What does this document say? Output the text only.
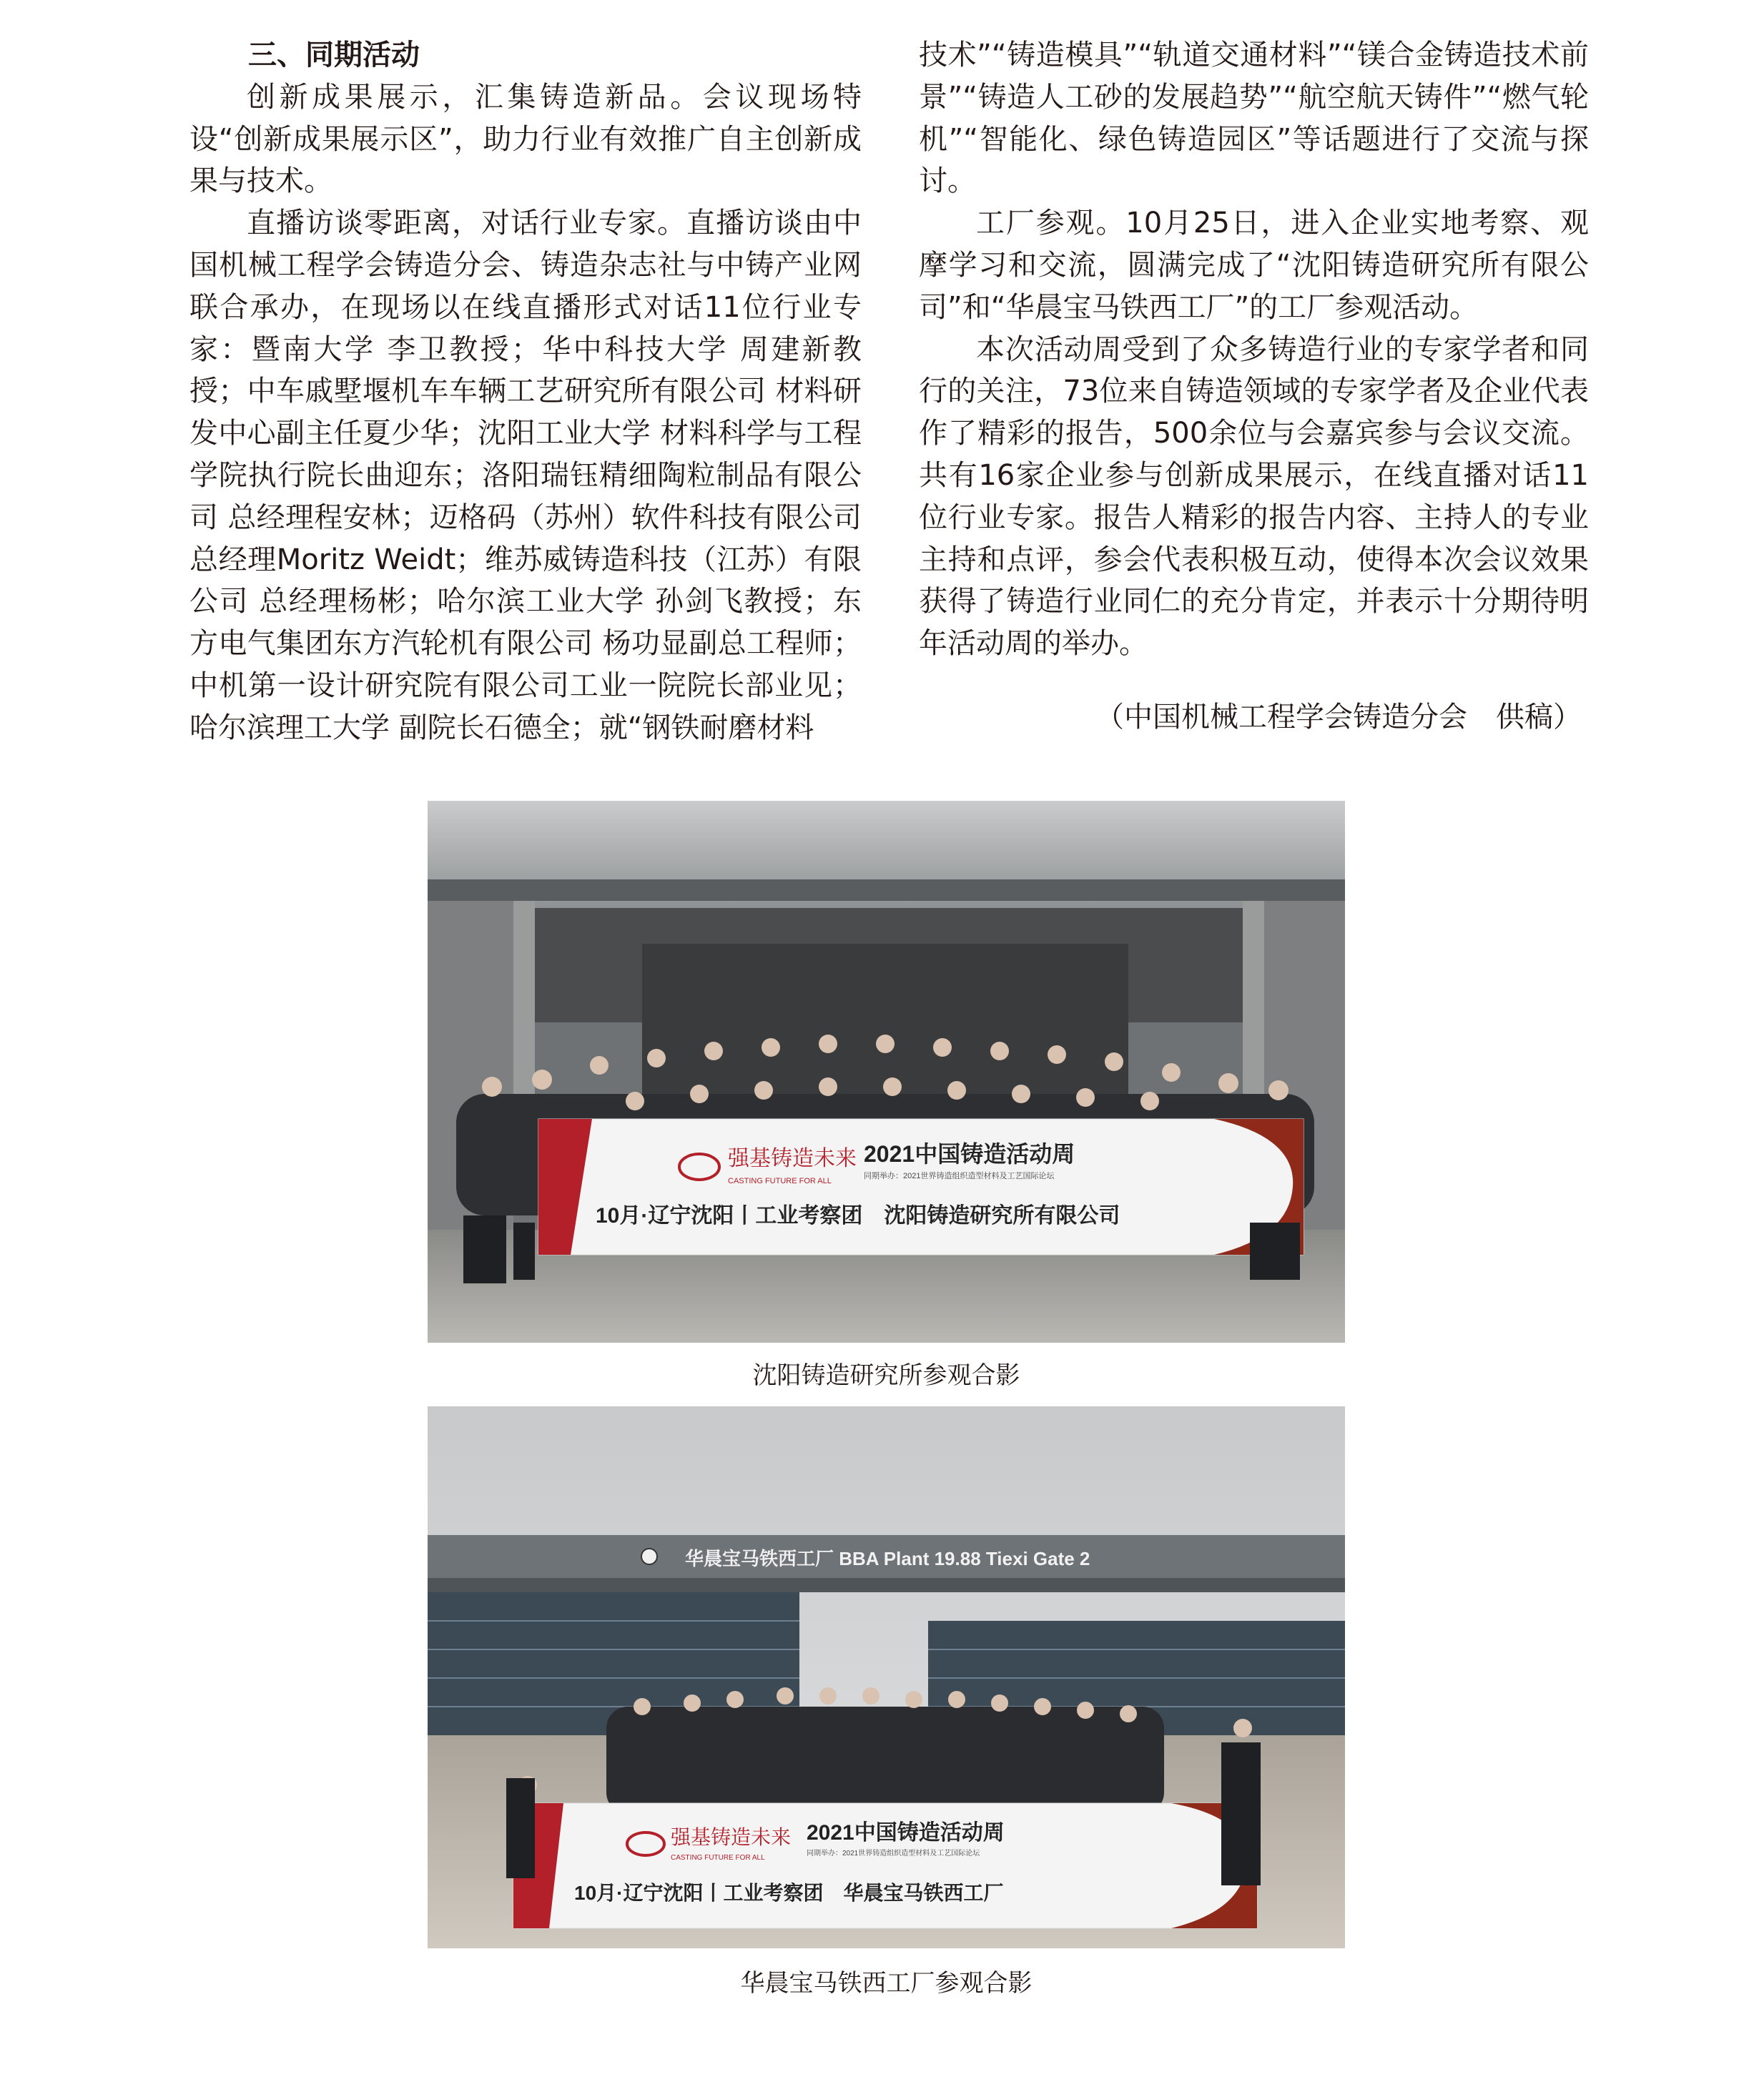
三、同期活动

创新成果展示，汇集铸造新品。会议现场特设“创新成果展示区”，助力行业有效推广自主创新成果与技术。

直播访谈零距离，对话行业专家。直播访谈由中国机械工程学会铸造分会、铸造杂志社与中铸产业网联合承办，在现场以在线直播形式对话11位行业专家：暨南大学 李卫教授；华中科技大学 周建新教授；中车戚墅堰机车车辆工艺研究所有限公司 材料研发中心副主任夏少华；沈阳工业大学 材料科学与工程学院执行院长曲迎东；洛阳瑞钰精细陶粒制品有限公司 总经理程安林；迈格码（苏州）软件科技有限公司 总经理Moritz Weidt；维苏威铸造科技（江苏）有限公司 总经理杨彬；哈尔滨工业大学 孙剑飞教授；东方电气集团东方汽轮机有限公司 杨功显副总工程师；中机第一设计研究院有限公司工业一院院长部业见；哈尔滨理工大学 副院长石德全；就“钢铁耐磨材料

技术”“铸造模具”“轨道交通材料”“镁合金铸造技术前景”“铸造人工砂的发展趋势”“航空航天铸件”“燃气轮机”“智能化、绿色铸造园区”等话题进行了交流与探讨。

工厂参观。10月25日，进入企业实地考察、观摩学习和交流，圆满完成了“沈阳铸造研究所有限公司”和“华晨宝马铁西工厂”的工厂参观活动。

本次活动周受到了众多铸造行业的专家学者和同行的关注，73位来自铸造领域的专家学者及企业代表作了精彩的报告，500余位与会嘉宾参与会议交流。共有16家企业参与创新成果展示，在线直播对话11位行业专家。报告人精彩的报告内容、主持人的专业主持和点评，参会代表积极互动，使得本次会议效果获得了铸造行业同仁的充分肯定，并表示十分期待明年活动周的举办。

（中国机械工程学会铸造分会　供稿）

强基铸造未来
CASTING FUTURE FOR ALL
2021中国铸造活动周
同期举办：2021世界铸造组织造型材料及工艺国际论坛
10月·辽宁沈阳丨工业考察团　沈阳铸造研究所有限公司
沈阳铸造研究所参观合影
华晨宝马铁西工厂 BBA Plant 19.88 Tiexi Gate 2
强基铸造未来
CASTING FUTURE FOR ALL
2021中国铸造活动周
同期举办：2021世界铸造组织造型材料及工艺国际论坛
10月·辽宁沈阳丨工业考察团　华晨宝马铁西工厂
华晨宝马铁西工厂参观合影
